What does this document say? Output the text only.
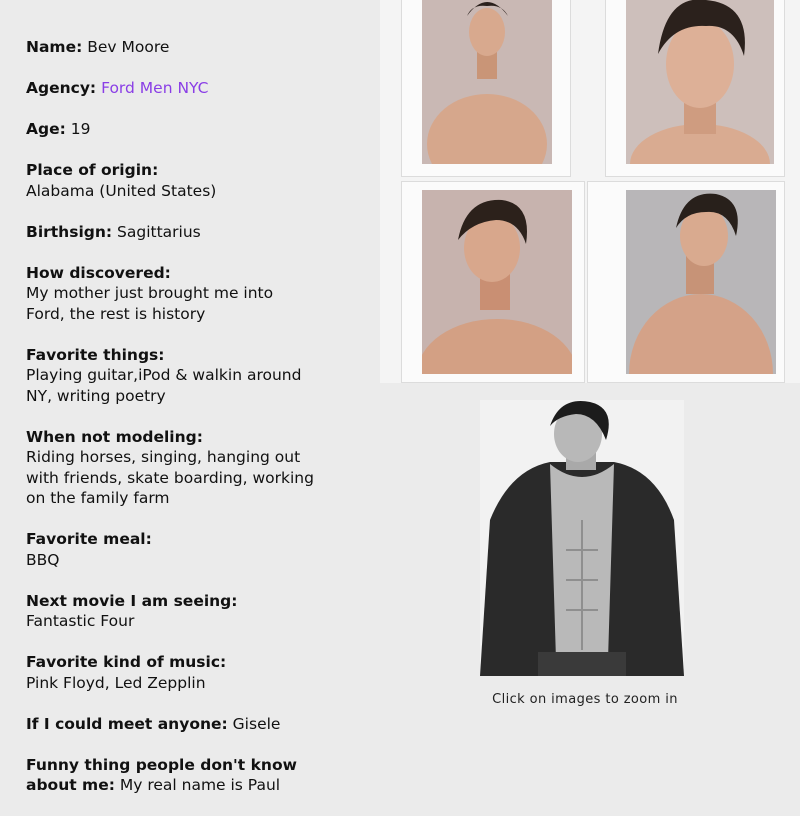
Name: Bev Moore
Agency: Ford Men NYC
Age: 19
Place of origin:
Alabama (United States)
Birthsign: Sagittarius
How discovered:
My mother just brought me into Ford, the rest is history
Favorite things:
Playing guitar,iPod & walkin around NY, writing poetry
When not modeling:
Riding horses, singing, hanging out with friends, skate boarding, working on the family farm
Favorite meal:
BBQ
Next movie I am seeing:
Fantastic Four
Favorite kind of music:
Pink Floyd, Led Zepplin
If I could meet anyone: Gisele
Funny thing people don't know about me: My real name is Paul
Click on images to zoom in
